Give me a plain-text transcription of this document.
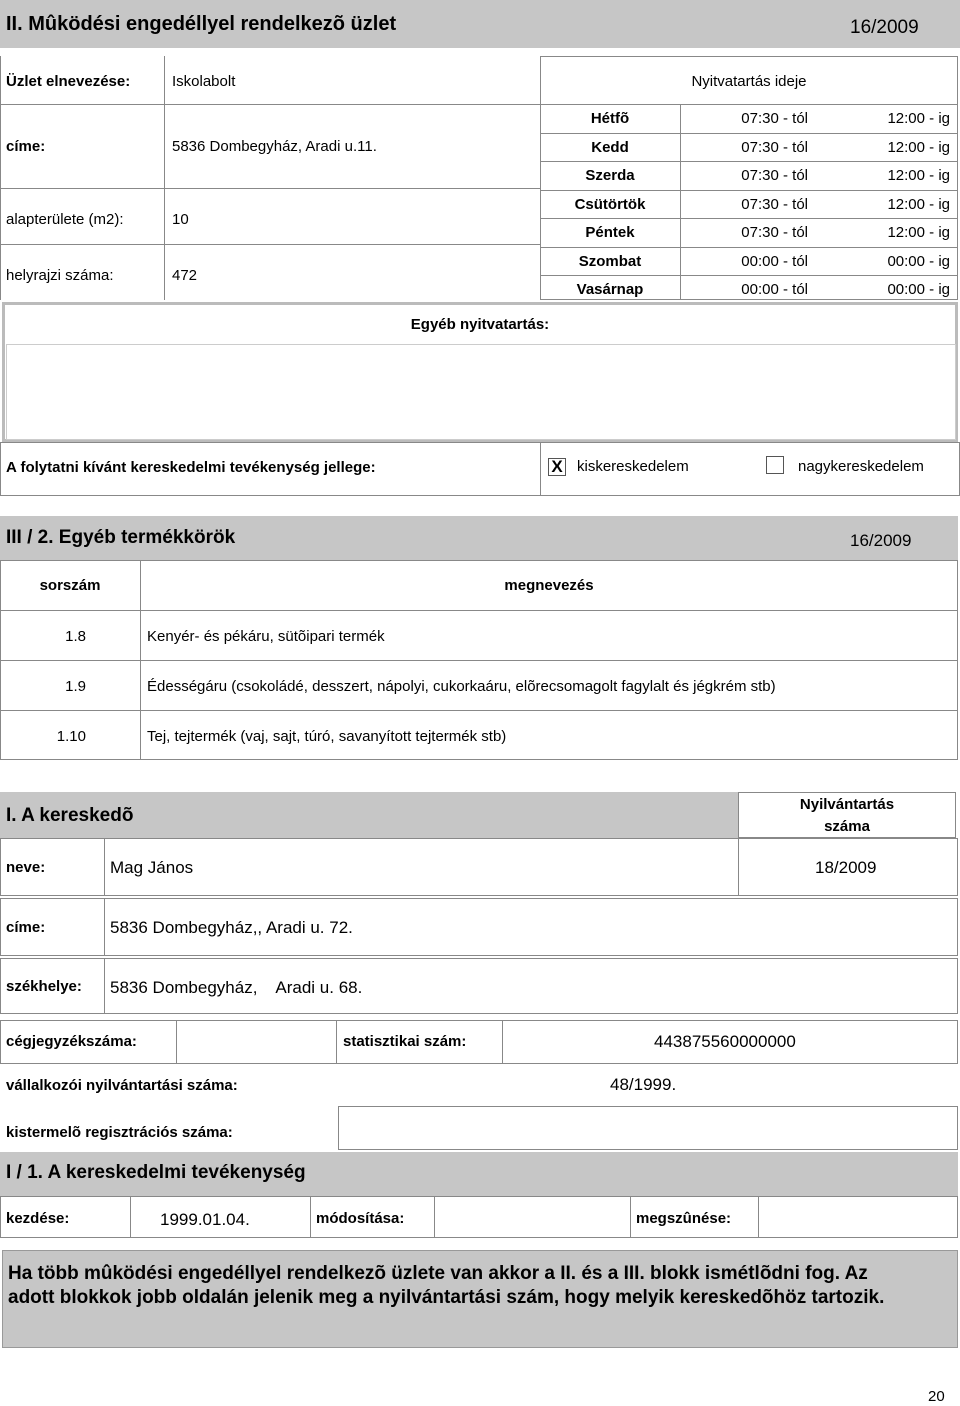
II. Mûködési engedéllyel rendelkezõ üzlet	16/2009
Üzlet elnevezése:	Iskolabolt
címe:	5836 Dombegyház, Aradi u.11.
alapterülete (m2):	10
helyrajzi száma:	472
Nyitvatartás ideje
Hétfõ	07:30 - tól	12:00 - ig
Kedd	07:30 - tól	12:00 - ig
Szerda	07:30 - tól	12:00 - ig
Csütörtök	07:30 - tól	12:00 - ig
Péntek	07:30 - tól	12:00 - ig
Szombat	00:00 - tól	00:00 - ig
Vasárnap	00:00 - tól	00:00 - ig
Egyéb nyitvatartás:
A folytatni kívánt kereskedelmi tevékenység jellege:	X kiskereskedelem	nagykereskedelem
III / 2. Egyéb termékkörök	16/2009
sorszám	megnevezés
1.8	Kenyér- és pékáru, sütõipari termék
1.9	Édességáru (csokoládé, desszert, nápolyi, cukorkaáru, elõrecsomagolt fagylalt és jégkrém stb)
1.10	Tej, tejtermék (vaj, sajt, túró, savanyított tejtermék stb)
I. A kereskedõ
Nyilvántartás
száma
neve:	Mag János	18/2009
címe:	5836 Dombegyház,, Aradi u. 72.
székhelye: 5836 Dombegyház,    Aradi u. 68.
cégjegyzékszáma:	statisztikai szám:	443875560000000
vállalkozói nyilvántartási száma:	48/1999.
kistermelõ regisztrációs száma:
I / 1. A kereskedelmi tevékenység
kezdése:	1999.01.04.	módosítása:	megszûnése:
Ha több mûködési engedéllyel rendelkezõ üzlete van akkor a II. és a III. blokk ismétlõdni fog. Az adott blokkok jobb oldalán jelenik meg a nyilvántartási szám, hogy melyik kereskedõhöz tartozik.
20
